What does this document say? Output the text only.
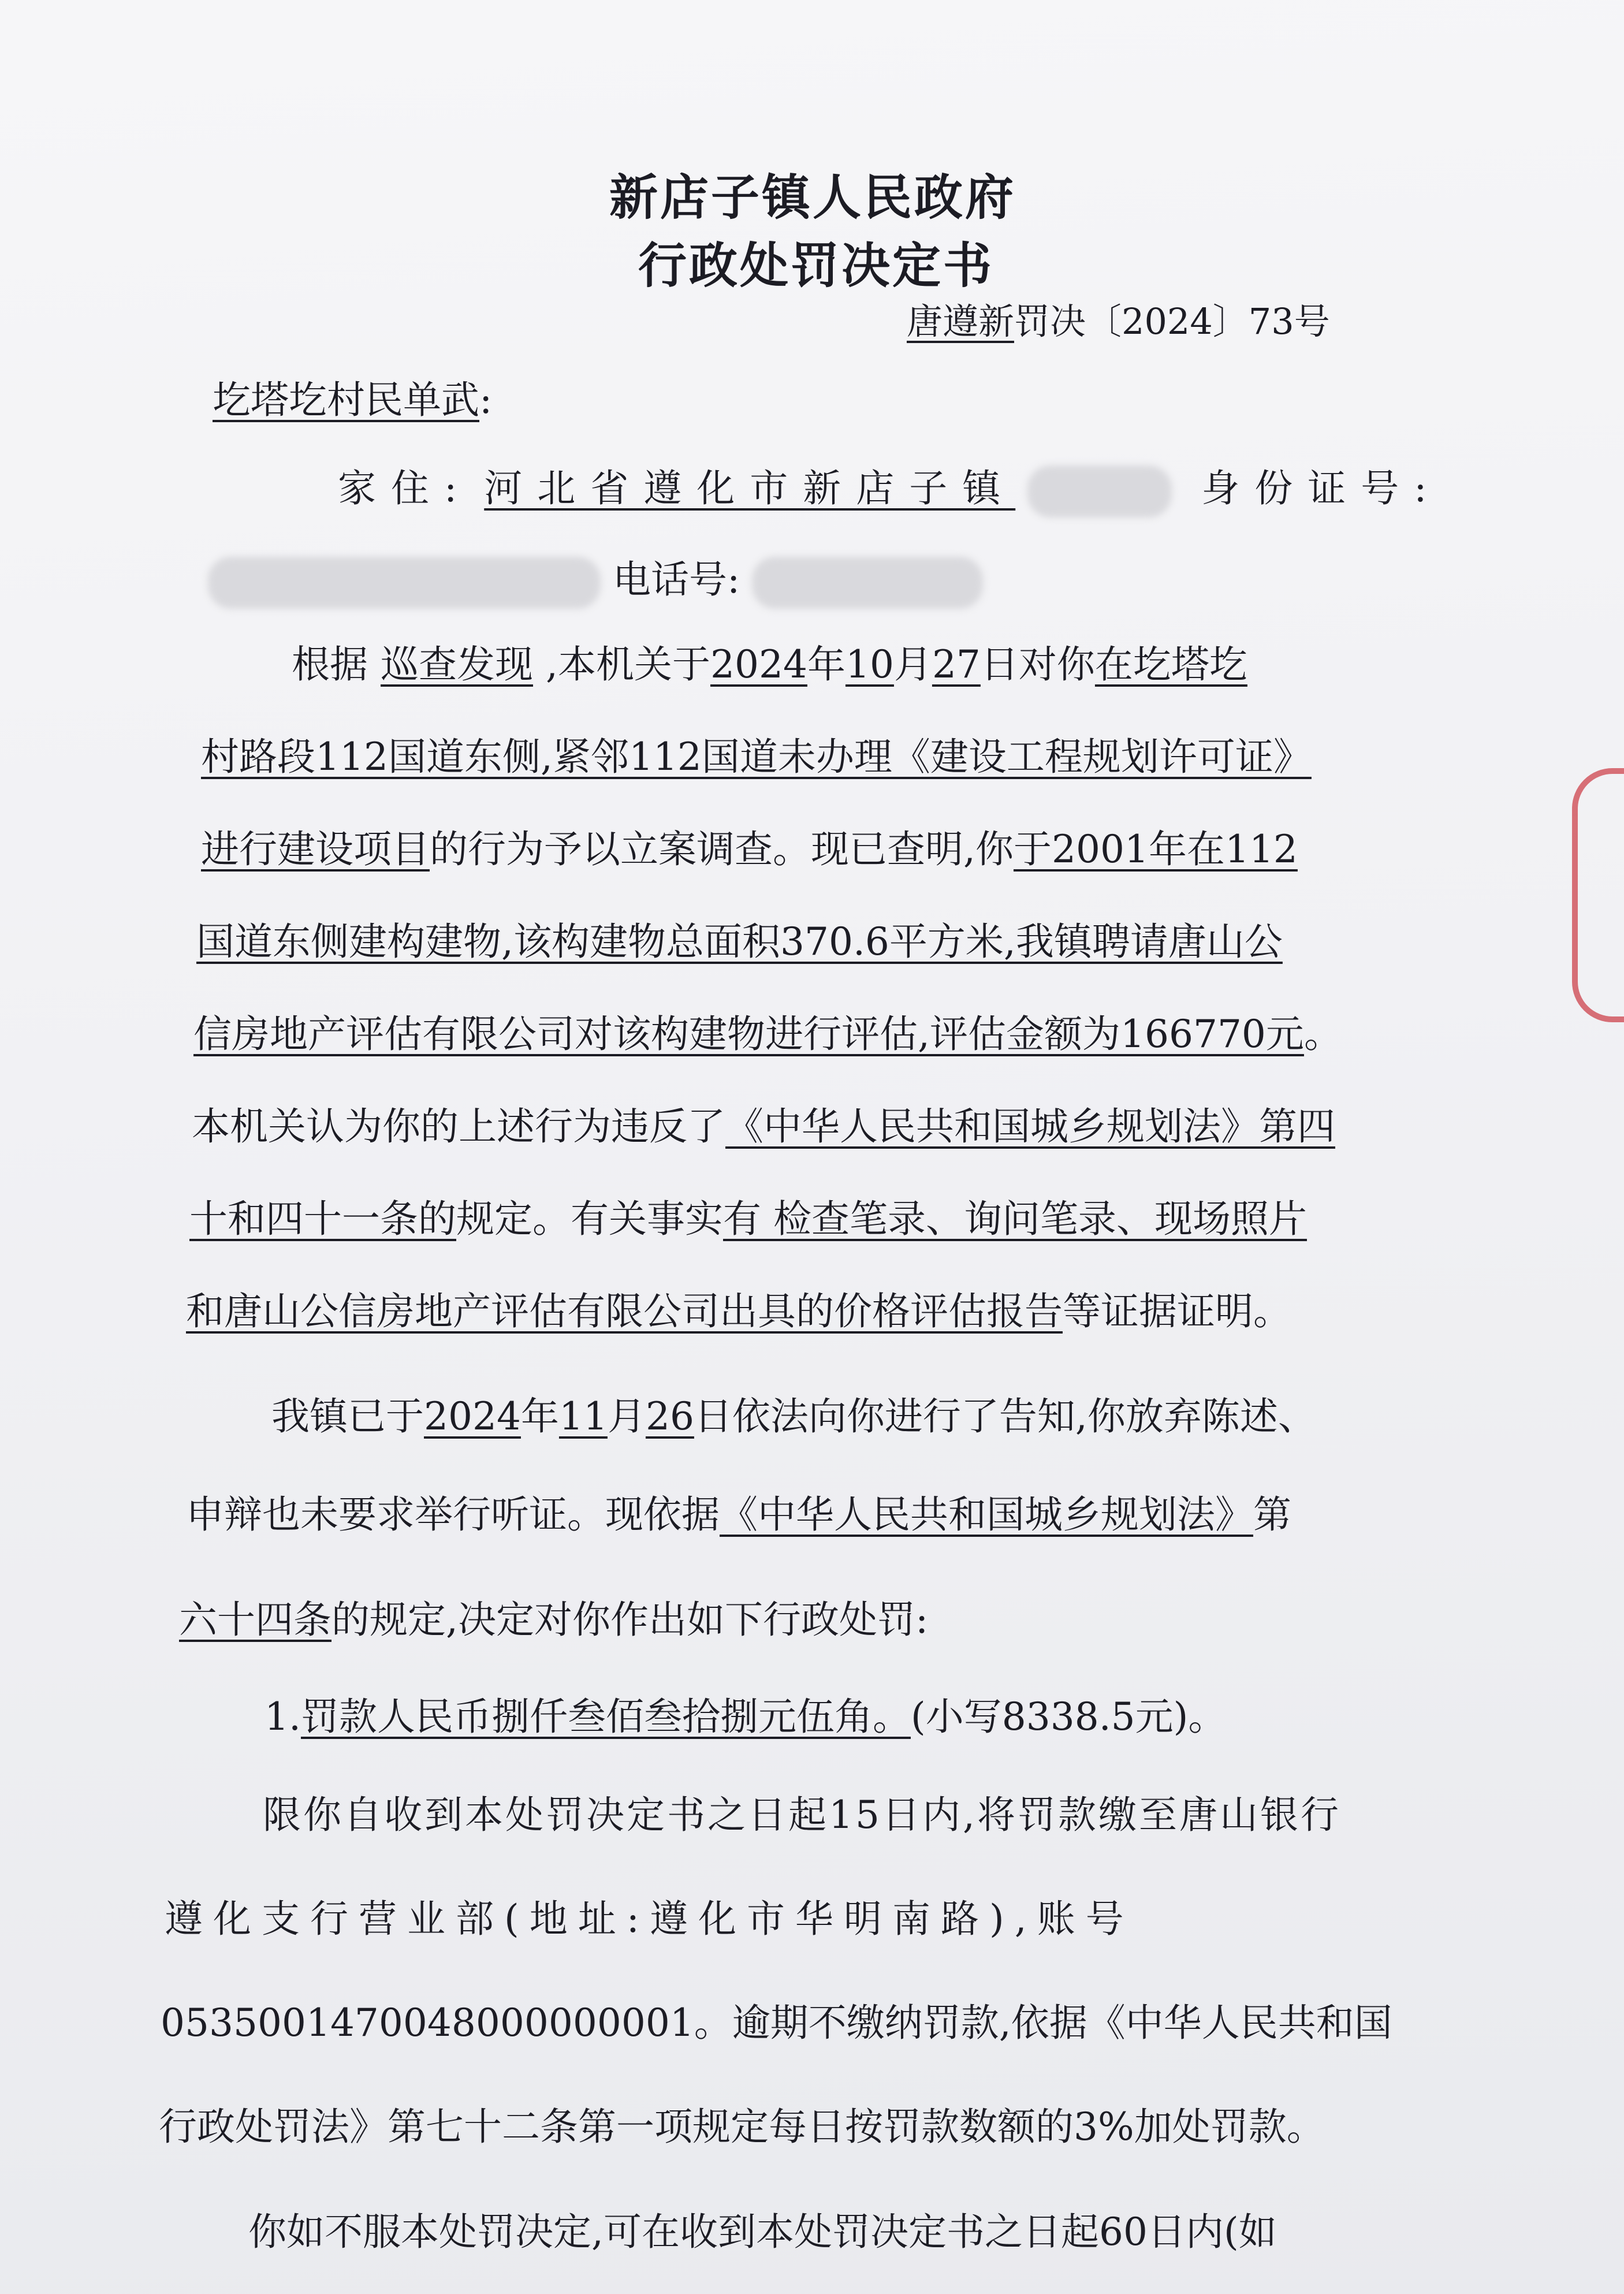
新店子镇人民政府
行政处罚决定书
唐遵新罚决〔2024〕73号
圪塔圪村民单武:
家住: 河北省遵化市新店子镇	身份证号:
电话号:
根据 巡查发现 ,本机关于2024年10月27日对你在圪塔圪
村路段112国道东侧,紧邻112国道未办理《建设工程规划许可证》
进行建设项目的行为予以立案调查。现已查明,你于2001年在112
国道东侧建构建物,该构建物总面积370.6平方米,我镇聘请唐山公
信房地产评估有限公司对该构建物进行评估,评估金额为166770元。
本机关认为你的上述行为违反了《中华人民共和国城乡规划法》第四
十和四十一条的规定。有关事实有 检查笔录、询问笔录、现场照片
和唐山公信房地产评估有限公司出具的价格评估报告等证据证明。
我镇已于2024年11月26日依法向你进行了告知,你放弃陈述、
申辩也未要求举行听证。现依据《中华人民共和国城乡规划法》第
六十四条的规定,决定对你作出如下行政处罚:
1.罚款人民币捌仟叁佰叁拾捌元伍角。(小写8338.5元)。
限你自收到本处罚决定书之日起15日内,将罚款缴至唐山银行
遵化支行营业部(地址:遵化市华明南路),账号
0535001470048000000001。逾期不缴纳罚款,依据《中华人民共和国
行政处罚法》第七十二条第一项规定每日按罚款数额的3%加处罚款。
你如不服本处罚决定,可在收到本处罚决定书之日起60日内(如
